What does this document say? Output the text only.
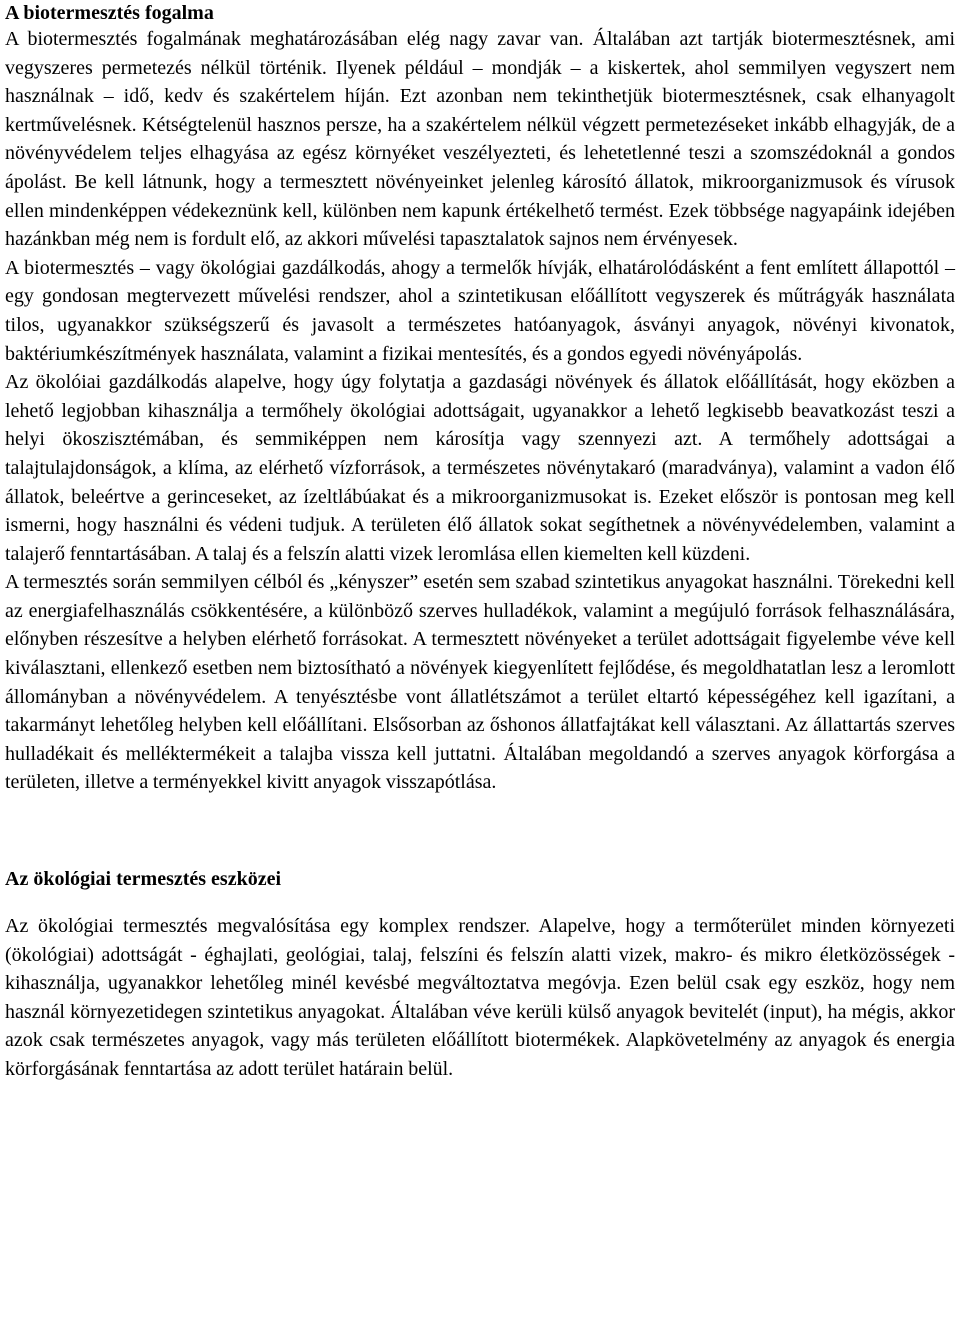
A biotermesztés fogalma

A biotermesztés fogalmának meghatározásában elég nagy zavar van. Általában azt tartják biotermesztésnek, ami vegyszeres permetezés nélkül történik. Ilyenek például – mondják – a kiskertek, ahol semmilyen vegyszert nem használnak – idő, kedv és szakértelem híján. Ezt azonban nem tekinthetjük biotermesztésnek, csak elhanyagolt kertművelésnek. Kétségtelenül hasznos persze, ha a szakértelem nélkül végzett permetezéseket inkább elhagyják, de a növényvédelem teljes elhagyása az egész környéket veszélyezteti, és lehetetlenné teszi a szomszédoknál a gondos ápolást. Be kell látnunk, hogy a termesztett növényeinket jelenleg károsító állatok, mikroorganizmusok és vírusok ellen mindenképpen védekeznünk kell, különben nem kapunk értékelhető termést. Ezek többsége nagyapáink idejében hazánkban még nem is fordult elő, az akkori művelési tapasztalatok sajnos nem érvényesek.

A biotermesztés – vagy ökológiai gazdálkodás, ahogy a termelők hívják, elhatárolódásként a fent említett állapottól – egy gondosan megtervezett művelési rendszer, ahol a szintetikusan előállított vegyszerek és műtrágyák használata tilos, ugyanakkor szükségszerű és javasolt a természetes hatóanyagok, ásványi anyagok, növényi kivonatok, baktériumkészítmények használata, valamint a fizikai mentesítés, és a gondos egyedi növényápolás.

Az ökolóiai gazdálkodás alapelve, hogy úgy folytatja a gazdasági növények és állatok előállítását, hogy eközben a lehető legjobban kihasználja a termőhely ökológiai adottságait, ugyanakkor a lehető legkisebb beavatkozást teszi a helyi ökoszisztémában, és semmiképpen nem károsítja vagy szennyezi azt. A termőhely adottságai a talajtulajdonságok, a klíma, az elérhető vízforrások, a természetes növénytakaró (maradványa), valamint a vadon élő állatok, beleértve a gerinceseket, az ízeltlábúakat és a mikroorganizmusokat is. Ezeket először is pontosan meg kell ismerni, hogy használni és védeni tudjuk. A területen élő állatok sokat segíthetnek a növényvédelemben, valamint a talajerő fenntartásában. A talaj és a felszín alatti vizek leromlása ellen kiemelten kell küzdeni.

A termesztés során semmilyen célból és „kényszer” esetén sem szabad szintetikus anyagokat használni. Törekedni kell az energiafelhasználás csökkentésére, a különböző szerves hulladékok, valamint a megújuló források felhasználására, előnyben részesítve a helyben elérhető forrásokat. A termesztett növényeket a terület adottságait figyelembe véve kell kiválasztani, ellenkező esetben nem biztosítható a növények kiegyenlített fejlődése, és megoldhatatlan lesz a leromlott állományban a növényvédelem. A tenyésztésbe vont állatlétszámot a terület eltartó képességéhez kell igazítani, a takarmányt lehetőleg helyben kell előállítani. Elsősorban az őshonos állatfajtákat kell választani. Az állattartás szerves hulladékait és melléktermékeit a talajba vissza kell juttatni. Általában megoldandó a szerves anyagok körforgása a területen, illetve a terményekkel kivitt anyagok visszapótlása.

Az ökológiai termesztés eszközei

Az ökológiai termesztés megvalósítása egy komplex rendszer. Alapelve, hogy a termőterület minden környezeti (ökológiai) adottságát - éghajlati, geológiai, talaj, felszíni és felszín alatti vizek, makro- és mikro életközösségek - kihasználja, ugyanakkor lehetőleg minél kevésbé megváltoztatva megóvja. Ezen belül csak egy eszköz, hogy nem használ környezetidegen szintetikus anyagokat. Általában véve kerüli külső anyagok bevitelét (input), ha mégis, akkor azok csak természetes anyagok, vagy más területen előállított biotermékek. Alapkövetelmény az anyagok és energia körforgásának fenntartása az adott terület határain belül.
